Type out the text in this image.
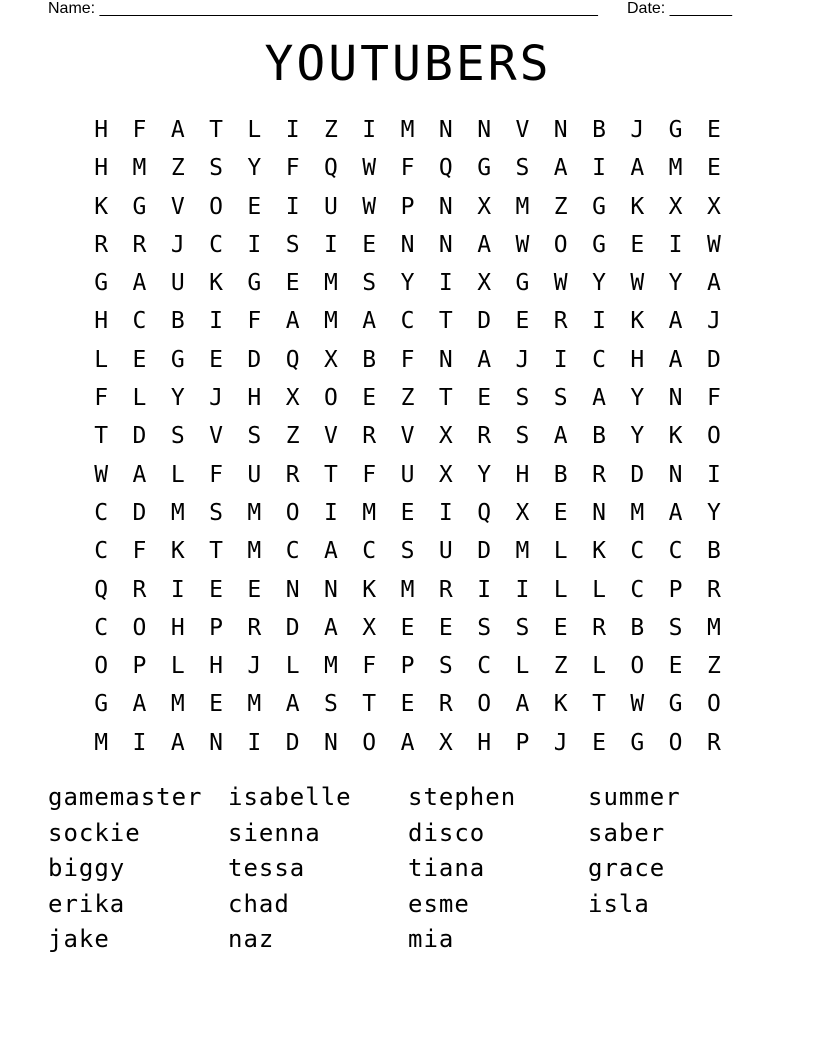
Name: ________________________________________________________ Date: _______
YOUTUBERS
H	F	A	T	L	I	Z	I	M	N	N	V	N	B	J	G	E
H	M	Z	S	Y	F	Q	W	F	Q	G	S	A	I	A	M	E
K	G	V	O	E	I	U	W	P	N	X	M	Z	G	K	X	X
R	R	J	C	I	S	I	E	N	N	A	W	O	G	E	I	W
G	A	U	K	G	E	M	S	Y	I	X	G	W	Y	W	Y	A
H	C	B	I	F	A	M	A	C	T	D	E	R	I	K	A	J
L	E	G	E	D	Q	X	B	F	N	A	J	I	C	H	A	D
F	L	Y	J	H	X	O	E	Z	T	E	S	S	A	Y	N	F
T	D	S	V	S	Z	V	R	V	X	R	S	A	B	Y	K	O
W	A	L	F	U	R	T	F	U	X	Y	H	B	R	D	N	I
C	D	M	S	M	O	I	M	E	I	Q	X	E	N	M	A	Y
C	F	K	T	M	C	A	C	S	U	D	M	L	K	C	C	B
Q	R	I	E	E	N	N	K	M	R	I	I	L	L	C	P	R
C	O	H	P	R	D	A	X	E	E	S	S	E	R	B	S	M
O	P	L	H	J	L	M	F	P	S	C	L	Z	L	O	E	Z
G	A	M	E	M	A	S	T	E	R	O	A	K	T	W	G	O
M	I	A	N	I	D	N	O	A	X	H	P	J	E	G	O	R
gamemaster	isabelle	stephen	summer
sockie	sienna	disco	saber
biggy	tessa	tiana	grace
erika	chad	esme	isla
jake	naz	mia
